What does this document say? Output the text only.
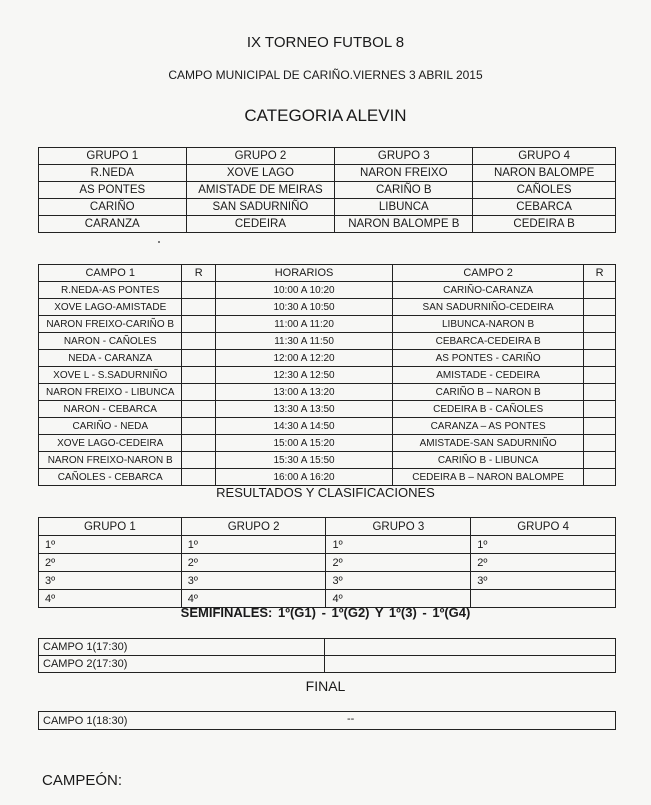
IX TORNEO FUTBOL 8
CAMPO MUNICIPAL DE CARIÑO.VIERNES 3 ABRIL 2015
CATEGORIA ALEVIN
GRUPO 1	GRUPO 2	GRUPO 3	GRUPO 4
R.NEDA	XOVE LAGO	NARON FREIXO	NARON BALOMPE
AS PONTES	AMISTADE DE MEIRAS	CARIÑO B	CAÑOLES
CARIÑO	SAN SADURNIÑO	LIBUNCA	CEBARCA
CARANZA	CEDEIRA	NARON BALOMPE B	CEDEIRA B
CAMPO 1	R	HORARIOS	CAMPO 2	R
R.NEDA-AS PONTES		10:00 A 10:20	CARIÑO-CARANZA	
XOVE LAGO-AMISTADE		10:30 A 10:50	SAN SADURNIÑO-CEDEIRA	
NARON FREIXO-CARIÑO B		11:00 A 11:20	LIBUNCA-NARON B	
NARON - CAÑOLES		11:30 A 11:50	CEBARCA-CEDEIRA B	
NEDA - CARANZA		12:00 A 12:20	AS PONTES - CARIÑO	
XOVE L - S.SADURNIÑO		12:30 A 12:50	AMISTADE - CEDEIRA	
NARON FREIXO - LIBUNCA		13:00 A 13:20	CARIÑO B – NARON B	
NARON - CEBARCA		13:30 A 13:50	CEDEIRA B - CAÑOLES	
CARIÑO - NEDA		14:30 A 14:50	CARANZA – AS PONTES	
XOVE LAGO-CEDEIRA		15:00 A 15:20	AMISTADE-SAN SADURNIÑO	
NARON FREIXO-NARON B		15:30 A 15:50	CARIÑO B - LIBUNCA	
CAÑOLES - CEBARCA		16:00 A 16:20	CEDEIRA B – NARON BALOMPE	
RESULTADOS Y CLASIFICACIONES
GRUPO 1	GRUPO 2	GRUPO 3	GRUPO 4
1º	1º	1º	1º
2º	2º	2º	2º
3º	3º	3º	3º
4º	4º	4º	
SEMIFINALES: 1º(G1) - 1º(G2) Y 1º(3) - 1º(G4)
CAMPO 1(17:30)	
CAMPO 2(17:30)	
FINAL
CAMPO 1(18:30)	--
CAMPEÓN:
